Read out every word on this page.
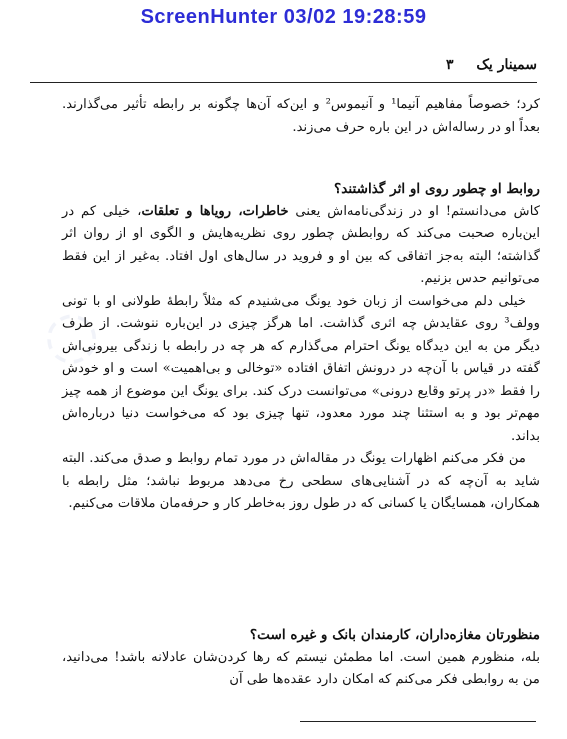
ScreenHunter 03/02 19:28:59
سمینار یک ۳
◌

کرد؛ خصوصاً مفاهیم آنیما¹ و آنیموس² و این‌که آن‌ها چگونه بر رابطه تأثیر می‌گذارند. بعداً او در رساله‌اش در این باره حرف می‌زند.

روابط او چطور روی او اثر گذاشتند؟

کاش می‌دانستم! او در زندگی‌نامه‌اش یعنی خاطرات، رویاها و تعلقات، خیلی کم در این‌باره صحبت می‌کند که روابطش چطور روی نظریه‌هایش و الگوی او از روان اثر گذاشته؛ البته به‌جز اتفاقی که بین او و فروید در سال‌های اول افتاد. به‌غیر از این فقط می‌توانیم حدس بزنیم.

خیلی دلم می‌خواست از زبان خود یونگ می‌شنیدم که مثلاً رابطهٔ طولانی او با تونی وولف³ روی عقایدش چه اثری گذاشت. اما هرگز چیزی در این‌باره ننوشت. از طرف دیگر من به این دیدگاه یونگ احترام می‌گذارم که هر چه در رابطه با زندگی بیرونی‌اش گفته در قیاس با آن‌چه در درونش اتفاق افتاده «توخالی و بی‌اهمیت» است و او خودش را فقط «در پرتو وقایع درونی» می‌توانست درک کند. برای یونگ این موضوع از همه چیز مهم‌تر بود و به استثنا چند مورد معدود، تنها چیزی بود که می‌خواست دنیا درباره‌اش بداند.

من فکر می‌کنم اظهارات یونگ در مقاله‌اش در مورد تمام روابط و صدق می‌کند. البته شاید به آن‌چه که در آشنایی‌های سطحی رخ می‌دهد مربوط نباشد؛ مثل رابطه با همکاران، همسایگان یا کسانی که در طول روز به‌خاطر کار و حرفه‌مان ملاقات می‌کنیم.

منظورتان مغازه‌داران، کارمندان بانک و غیره است؟

بله، منظورم همین است. اما مطمئن نیستم که رها کردن‌شان عادلانه باشد! می‌دانید، من به روابطی فکر می‌کنم که امکان دارد عقده‌ها طی آن
